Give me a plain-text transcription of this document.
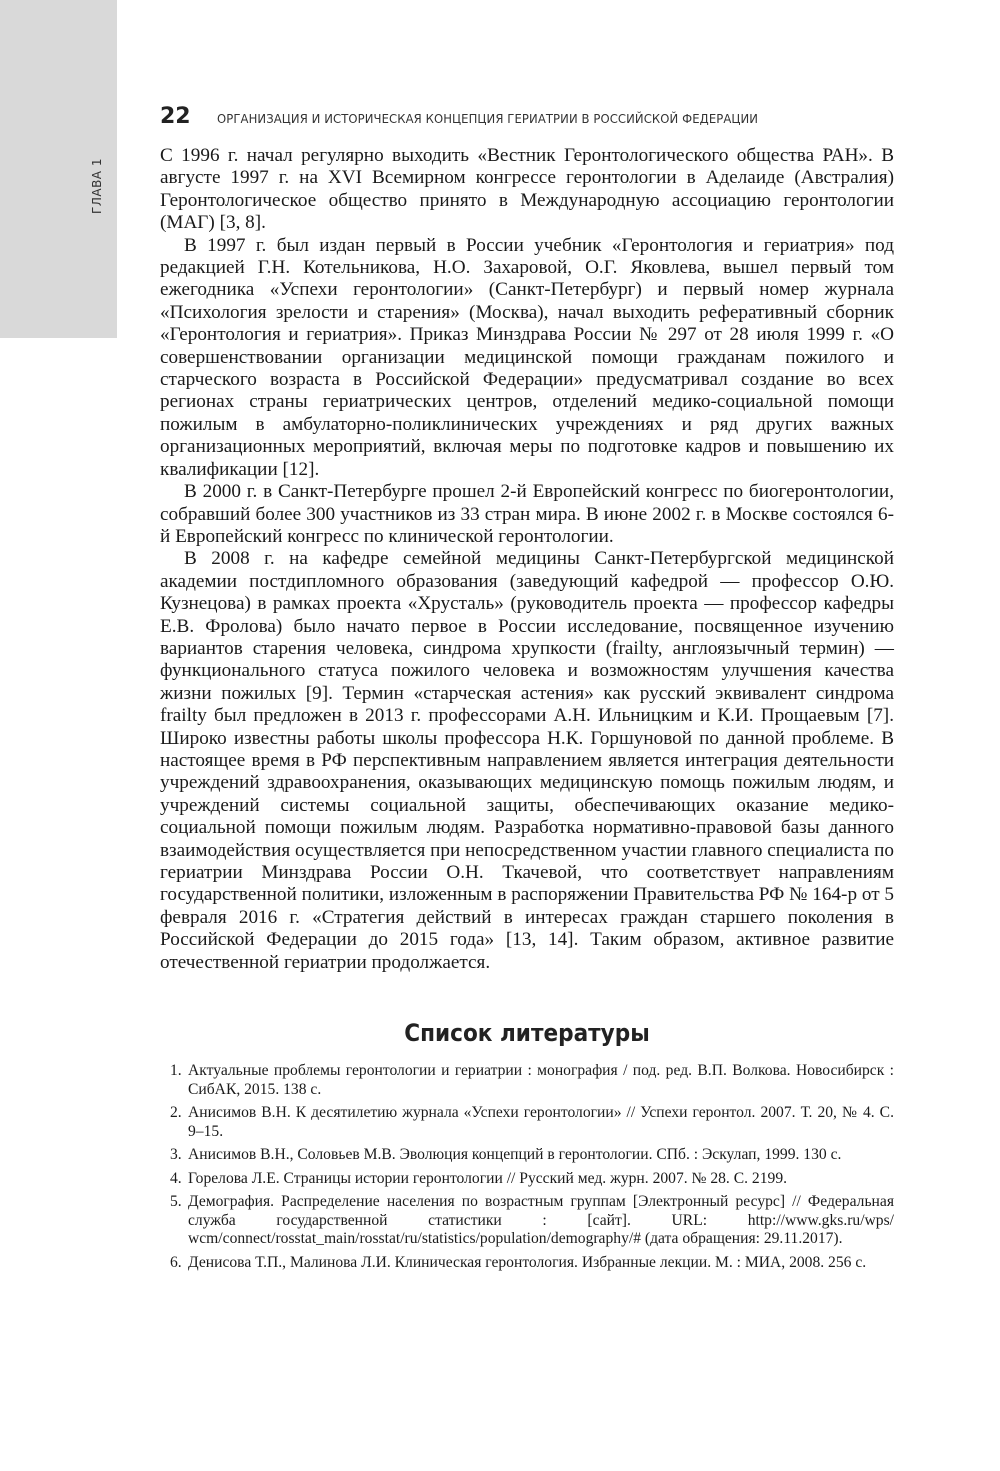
ГЛАВА 1
22 ОРГАНИЗАЦИЯ И ИСТОРИЧЕСКАЯ КОНЦЕПЦИЯ ГЕРИАТРИИ В РОССИЙСКОЙ ФЕДЕРАЦИИ

С 1996 г. начал регулярно выходить «Вестник Геронтологического общества РАН». В августе 1997 г. на XVI Всемирном конгрессе геронтологии в Аделаиде (Австралия) Геронтологическое общество принято в Международную ассоциацию геронтологии (МАГ) [3, 8].

В 1997 г. был издан первый в России учебник «Геронтология и гериатрия» под редакцией Г.Н. Котельникова, Н.О. Захаровой, О.Г. Яковлева, вышел первый том ежегодника «Успехи геронтологии» (Санкт-Петербург) и первый номер журнала «Психология зрелости и старения» (Москва), начал выходить реферативный сборник «Геронтология и гериатрия». Приказ Минздрава России № 297 от 28 июля 1999 г. «О совершенствовании организации медицинской помощи гражданам пожилого и старческого возраста в Российской Федерации» предусматривал создание во всех регионах страны гериатрических центров, отделений медико-социальной помощи пожилым в амбулаторно-поликлинических учреждениях и ряд других важных организационных мероприятий, включая меры по подготовке кадров и повышению их квалификации [12].

В 2000 г. в Санкт-Петербурге прошел 2-й Европейский конгресс по биогеронтологии, собравший более 300 участников из 33 стран мира. В июне 2002 г. в Москве состоялся 6-й Европейский конгресс по клинической геронтологии.

В 2008 г. на кафедре семейной медицины Санкт-Петербургской медицинской академии постдипломного образования (заведующий кафедрой — профессор О.Ю. Кузнецова) в рамках проекта «Хрусталь» (руководитель проекта — профессор кафедры Е.В. Фролова) было начато первое в России исследование, посвященное изучению вариантов старения человека, синдрома хрупкости (frailty, англоязычный термин) — функционального статуса пожилого человека и возможностям улучшения качества жизни пожилых [9]. Термин «старческая астения» как русский эквивалент синдрома frailty был предложен в 2013 г. профессорами А.Н. Ильницким и К.И. Прощаевым [7]. Широко известны работы школы профессора Н.К. Горшуновой по данной проблеме. В настоящее время в РФ перспективным направлением является интеграция деятельности учреждений здравоохранения, оказывающих медицинскую помощь пожилым людям, и учреждений системы социальной защиты, обеспечивающих оказание медико-социальной помощи пожилым людям. Разработка нормативно-правовой базы данного взаимодействия осуществляется при непосредственном участии главного специалиста по гериатрии Минздрава России О.Н. Ткачевой, что соответствует направлениям государственной политики, изложенным в распоряжении Правительства РФ № 164-р от 5 февраля 2016 г. «Стратегия действий в интересах граждан старшего поколения в Российской Федерации до 2015 года» [13, 14]. Таким образом, активное развитие отечественной гериатрии продолжается.

Список литературы
1. Актуальные проблемы геронтологии и гериатрии : монография / под. ред. В.П. Волкова. Новосибирск : СибАК, 2015. 138 с.
2. Анисимов В.Н. К десятилетию журнала «Успехи геронтологии» // Успехи геронтол. 2007. Т. 20, № 4. С. 9–15.
3. Анисимов В.Н., Соловьев М.В. Эволюция концепций в геронтологии. СПб. : Эскулап, 1999. 130 с.
4. Горелова Л.Е. Страницы истории геронтологии // Русский мед. журн. 2007. № 28. С. 2199.
5. Демография. Распределение населения по возрастным группам [Электронный ресурс] // Федеральная служба государственной статистики : [сайт]. URL: http://www.gks.ru/wps/ wcm/connect/rosstat_main/rosstat/ru/statistics/population/demography/# (дата обращения: 29.11.2017).
6. Денисова Т.П., Малинова Л.И. Клиническая геронтология. Избранные лекции. М. : МИА, 2008. 256 с.
